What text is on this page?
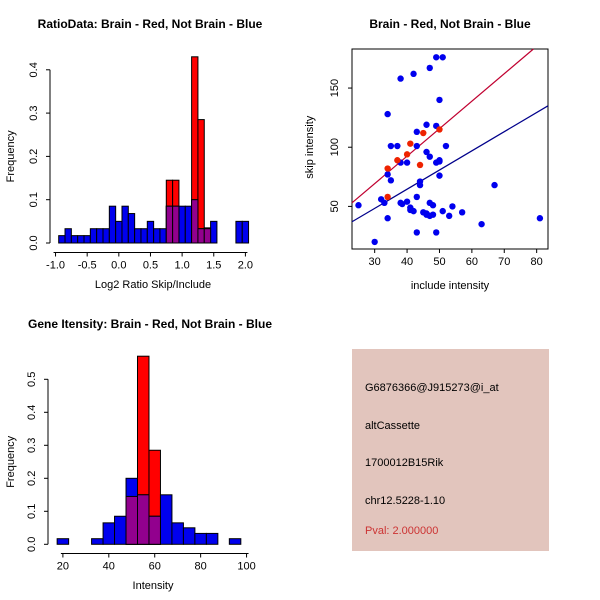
RatioData: Brain - Red, Not Brain - Blue
-1.0 -0.5 0.0 0.5 1.0 1.5 2.0
0.0
0.1
0.2
0.3
0.4
Log2 Ratio Skip/Include
Frequency
Brain - Red, Not Brain - Blue
30 40 50 60 70 80
50
100
150
include intensity
skip intensity
Gene Itensity: Brain - Red, Not Brain - Blue
20	40	60	80	100
0.0
0.1
0.2
0.3
0.4
0.5
Intensity
Frequency
G6876366@J915273@i_at
altCassette
1700012B15Rik
chr12.5228-1.10
Pval: 2.000000
